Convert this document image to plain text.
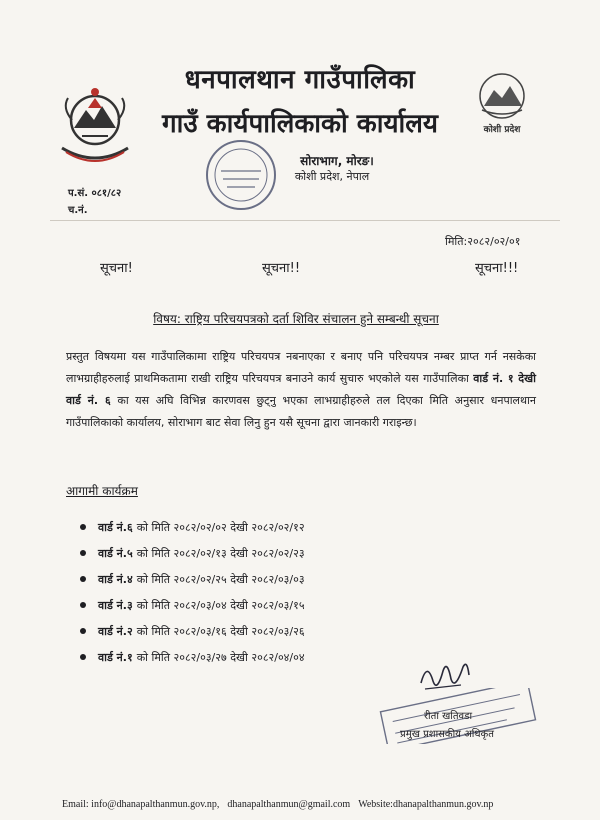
धनपालथान गाउँपालिका
गाउँ कार्यपालिकाको कार्यालय
सोराभाग, मोरङ।
कोशी प्रदेश, नेपाल
कोशी प्रदेश
प.सं. ०८१/८२
च.नं.
मिति:२०८२/०२/०१
सूचना!	सूचना!!	सूचना!!!
विषय: राष्ट्रिय परिचयपत्रको दर्ता शिविर संचालन हुने सम्बन्धी सूचना
प्रस्तुत विषयमा यस गाउँपालिकामा राष्ट्रिय परिचयपत्र नबनाएका र बनाए पनि परिचयपत्र नम्बर प्राप्त गर्न नसकेका लाभग्राहीहरुलाई प्राथमिकतामा राखी राष्ट्रिय परिचयपत्र बनाउने कार्य सुचारु भएकोले यस गाउँपालिका वार्ड नं. १ देखी वार्ड नं. ६ का यस अघि विभिन्न कारणवस छुट्नु भएका लाभग्राहीहरुले तल दिएका मिति अनुसार धनपालथान गाउँपालिकाको कार्यालय, सोराभाग बाट सेवा लिनु हुन यसै सूचना द्वारा जानकारी गराइन्छ।
आगामी कार्यक्रम
वार्ड नं.६ को मिति २०८२/०२/०२ देखी २०८२/०२/१२
वार्ड नं.५ को मिति २०८२/०२/१३ देखी २०८२/०२/२३
वार्ड नं.४ को मिति २०८२/०२/२५ देखी २०८२/०३/०३
वार्ड नं.३ को मिति २०८२/०३/०४ देखी २०८२/०३/१५
वार्ड नं.२ को मिति २०८२/०३/१६ देखी २०८२/०३/२६
वार्ड नं.१ को मिति २०८२/०३/२७ देखी २०८२/०४/०४
रीता खतिवडा
प्रमुख प्रशासकीय अधिकृत
Email: info@dhanapalthanmun.gov.np, dhanapalthanmun@gmail.com Website:dhanapalthanmun.gov.np
